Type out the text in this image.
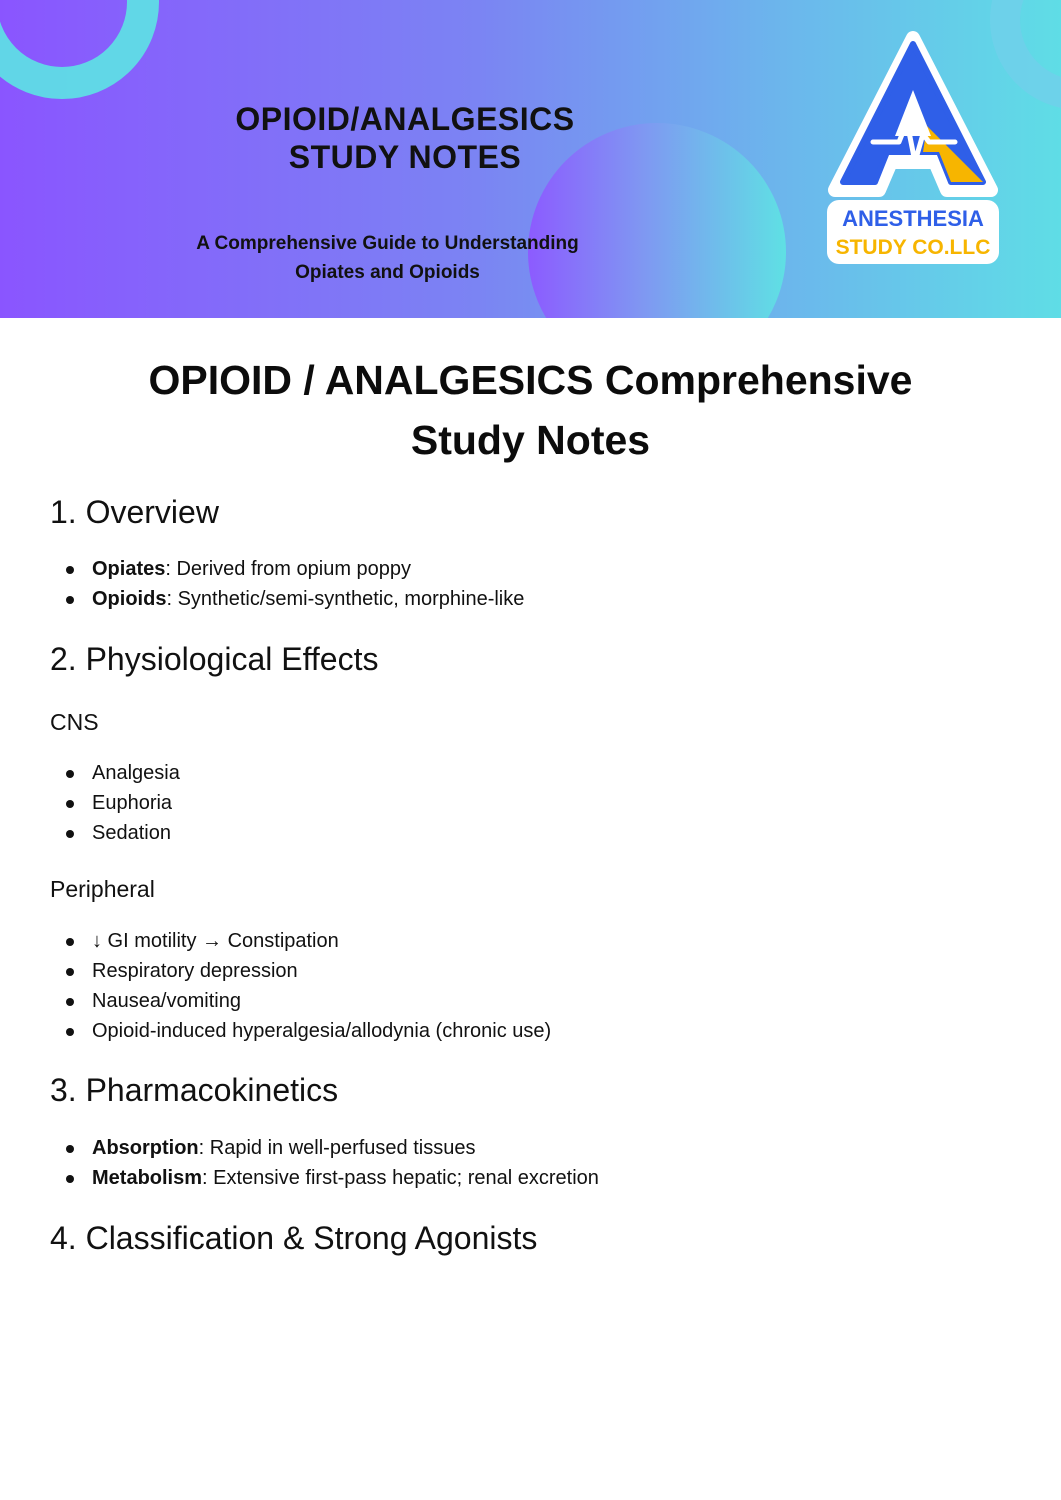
OPIOID/ANALGESICS
STUDY NOTES
A Comprehensive Guide to Understanding
Opiates and Opioids
ANESTHESIA
STUDY CO.LLC
OPIOID / ANALGESICS Comprehensive
Study Notes
1. Overview
Opiates: Derived from opium poppy
Opioids: Synthetic/semi-synthetic, morphine-like
2. Physiological Effects
CNS
Analgesia
Euphoria
Sedation
Peripheral
↓ GI motility → Constipation
Respiratory depression
Nausea/vomiting
Opioid-induced hyperalgesia/allodynia (chronic use)
3. Pharmacokinetics
Absorption: Rapid in well-perfused tissues
Metabolism: Extensive first-pass hepatic; renal excretion
4. Classification & Strong Agonists
